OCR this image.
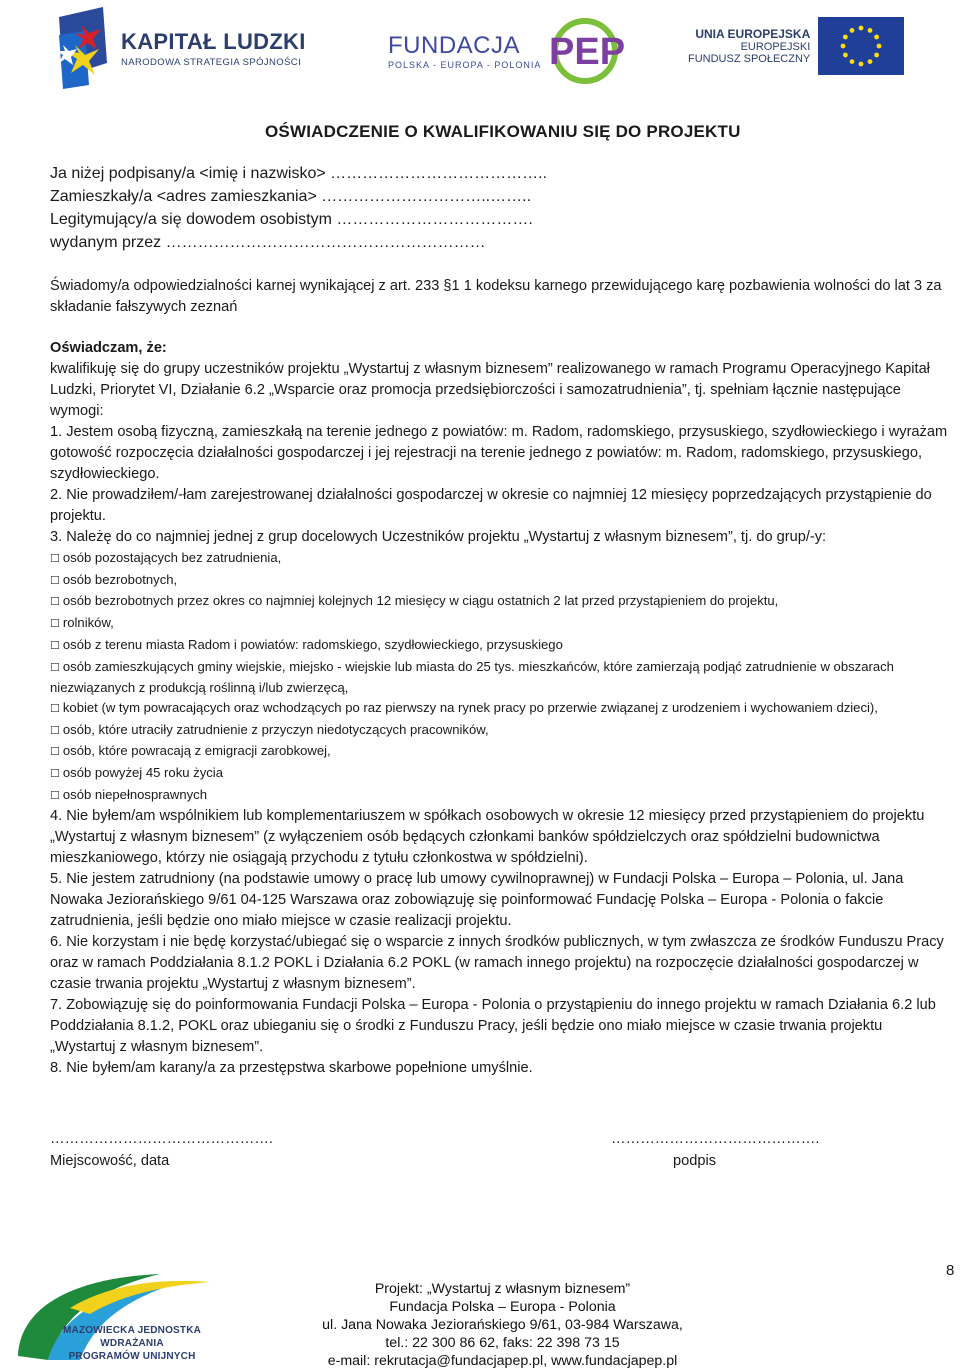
KAPITAŁ LUDZKI
NARODOWA STRATEGIA SPÓJNOŚCI
FUNDACJA
POLSKA - EUROPA - POLONIA PEP	UNIA EUROPEJSKA
EUROPEJSKI
FUNDUSZ SPOŁECZNY
OŚWIADCZENIE O KWALIFIKOWANIU SIĘ DO PROJEKTU
Ja niżej podpisany/a <imię i nazwisko> …………………………………..
Zamieszkały/a <adres zamieszkania> …………………………..……..
Legitymujący/a się dowodem osobistym ……………………………….
wydanym przez ……………………………………………………

Świadomy/a odpowiedzialności karnej wynikającej z art. 233 §1 1 kodeksu karnego przewidującego karę pozbawienia wolności do lat 3 za składanie fałszywych zeznań

Oświadczam, że:

kwalifikuję się do grupy uczestników projektu „Wystartuj z własnym biznesem” realizowanego w ramach Programu Operacyjnego Kapitał Ludzki, Priorytet VI, Działanie 6.2 „Wsparcie oraz promocja przedsiębiorczości i samozatrudnienia”, tj. spełniam łącznie następujące wymogi:

1. Jestem osobą fizyczną, zamieszkałą na terenie jednego z powiatów: m. Radom, radomskiego, przysuskiego, szydłowieckiego i wyrażam gotowość rozpoczęcia działalności gospodarczej i jej rejestracji na terenie jednego z powiatów: m. Radom, radomskiego, przysuskiego, szydłowieckiego.

2. Nie prowadziłem/-łam zarejestrowanej działalności gospodarczej w okresie co najmniej 12 miesięcy poprzedzających przystąpienie do projektu.

3. Należę do co najmniej jednej z grup docelowych Uczestników projektu „Wystartuj z własnym biznesem”, tj. do grup/-y:

☐ osób pozostających bez zatrudnienia,

☐ osób bezrobotnych,

☐ osób bezrobotnych przez okres co najmniej kolejnych 12 miesięcy w ciągu ostatnich 2 lat przed przystąpieniem do projektu,

☐ rolników,

☐ osób z terenu miasta Radom i powiatów: radomskiego, szydłowieckiego, przysuskiego

☐ osób zamieszkujących gminy wiejskie, miejsko - wiejskie lub miasta do 25 tys. mieszkańców, które zamierzają podjąć zatrudnienie w obszarach niezwiązanych z produkcją roślinną i/lub zwierzęcą,

☐ kobiet (w tym powracających oraz wchodzących po raz pierwszy na rynek pracy po przerwie związanej z urodzeniem i wychowaniem dzieci),

☐ osób, które utraciły zatrudnienie z przyczyn niedotyczących pracowników,

☐ osób, które powracają z emigracji zarobkowej,

☐ osób powyżej 45 roku życia

☐ osób niepełnosprawnych

4. Nie byłem/am wspólnikiem lub komplementariuszem w spółkach osobowych w okresie 12 miesięcy przed przystąpieniem do projektu „Wystartuj z własnym biznesem” (z wyłączeniem osób będących członkami banków spółdzielczych oraz spółdzielni budownictwa mieszkaniowego, którzy nie osiągają przychodu z tytułu członkostwa w spółdzielni).

5. Nie jestem zatrudniony (na podstawie umowy o pracę lub umowy cywilnoprawnej) w Fundacji Polska – Europa – Polonia, ul. Jana Nowaka Jeziorańskiego 9/61 04-125 Warszawa oraz zobowiązuję się poinformować Fundację Polska – Europa - Polonia o fakcie zatrudnienia, jeśli będzie ono miało miejsce w czasie realizacji projektu.

6. Nie korzystam i nie będę korzystać/ubiegać się o wsparcie z innych środków publicznych, w tym zwłaszcza ze środków Funduszu Pracy oraz w ramach Poddziałania 8.1.2 POKL i Działania 6.2 POKL (w ramach innego projektu) na rozpoczęcie działalności gospodarczej w czasie trwania projektu „Wystartuj z własnym biznesem”.

7. Zobowiązuję się do poinformowania Fundacji Polska – Europa - Polonia o przystąpieniu do innego projektu w ramach Działania 6.2 lub Poddziałania 8.1.2, POKL oraz ubieganiu się o środki z Funduszu Pracy, jeśli będzie ono miało miejsce w czasie trwania projektu „Wystartuj z własnym biznesem”.

8. Nie byłem/am karany/a za przestępstwa skarbowe popełnione umyślnie.

……………………………………….
Miejscowość, data
…………………………………….
podpis
MAZOWIECKA JEDNOSTKA
WDRAŻANIA
PROGRAMÓW UNIJNYCH
Projekt: „Wystartuj z własnym biznesem”
Fundacja Polska – Europa - Polonia
ul. Jana Nowaka Jeziorańskiego 9/61, 03-984 Warszawa,
tel.: 22 300 86 62, faks: 22 398 73 15
e-mail: rekrutacja@fundacjapep.pl, www.fundacjapep.pl
8
